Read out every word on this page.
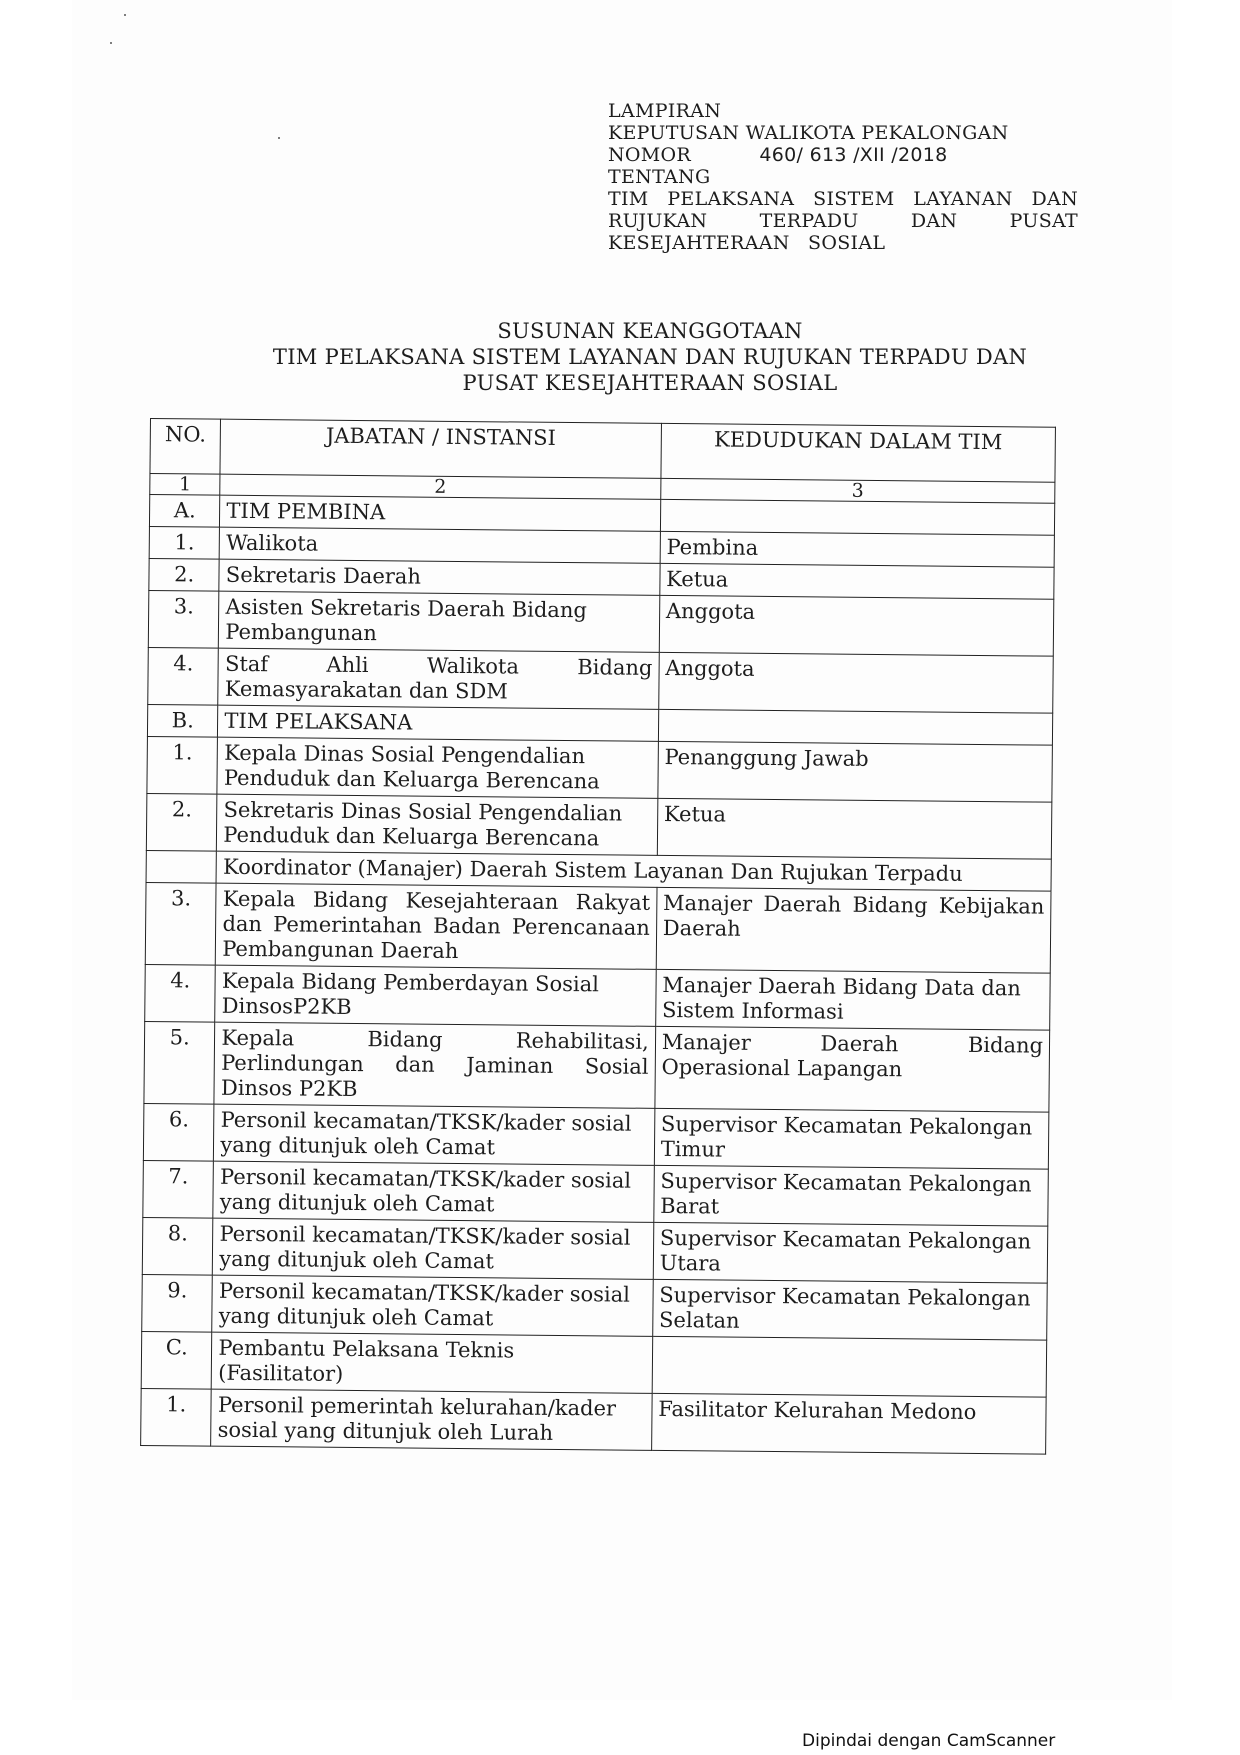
LAMPIRAN
KEPUTUSAN WALIKOTA PEKALONGAN
NOMOR	460/ 613 /XII /2018
TENTANG
TIM PELAKSANA SISTEM LAYANAN DAN RUJUKAN TERPADU DAN PUSAT KESEJAHTERAAN SOSIAL
SUSUNAN KEANGGOTAAN
TIM PELAKSANA SISTEM LAYANAN DAN RUJUKAN TERPADU DAN
PUSAT KESEJAHTERAAN SOSIAL
NO.	JABATAN / INSTANSI	KEDUDUKAN DALAM TIM
1	2	3
A.	TIM PEMBINA	
1.	Walikota	Pembina
2.	Sekretaris Daerah	Ketua
3.	Asisten Sekretaris Daerah Bidang Pembangunan	Anggota
4.	Staf Ahli Walikota Bidang Kemasyarakatan dan SDM	Anggota
B.	TIM PELAKSANA	
1.	Kepala Dinas Sosial Pengendalian Penduduk dan Keluarga Berencana	Penanggung Jawab
2.	Sekretaris Dinas Sosial Pengendalian Penduduk dan Keluarga Berencana	Ketua
	Koordinator (Manajer) Daerah Sistem Layanan Dan Rujukan Terpadu	
3.	Kepala Bidang Kesejahteraan Rakyat dan Pemerintahan Badan Perencanaan Pembangunan Daerah	Manajer Daerah Bidang Kebijakan Daerah
4.	Kepala Bidang Pemberdayan Sosial DinsosP2KB	Manajer Daerah Bidang Data dan Sistem Informasi
5.	Kepala Bidang Rehabilitasi, Perlindungan dan Jaminan Sosial Dinsos P2KB	Manajer Daerah Bidang Operasional Lapangan
6.	Personil kecamatan/TKSK/kader sosial yang ditunjuk oleh Camat	Supervisor Kecamatan Pekalongan Timur
7.	Personil kecamatan/TKSK/kader sosial yang ditunjuk oleh Camat	Supervisor Kecamatan Pekalongan Barat
8.	Personil kecamatan/TKSK/kader sosial yang ditunjuk oleh Camat	Supervisor Kecamatan Pekalongan Utara
9.	Personil kecamatan/TKSK/kader sosial yang ditunjuk oleh Camat	Supervisor Kecamatan Pekalongan Selatan
C.	Pembantu Pelaksana Teknis (Fasilitator)	
1.	Personil pemerintah kelurahan/kader sosial yang ditunjuk oleh Lurah	Fasilitator Kelurahan Medono
Dipindai dengan CamScanner
